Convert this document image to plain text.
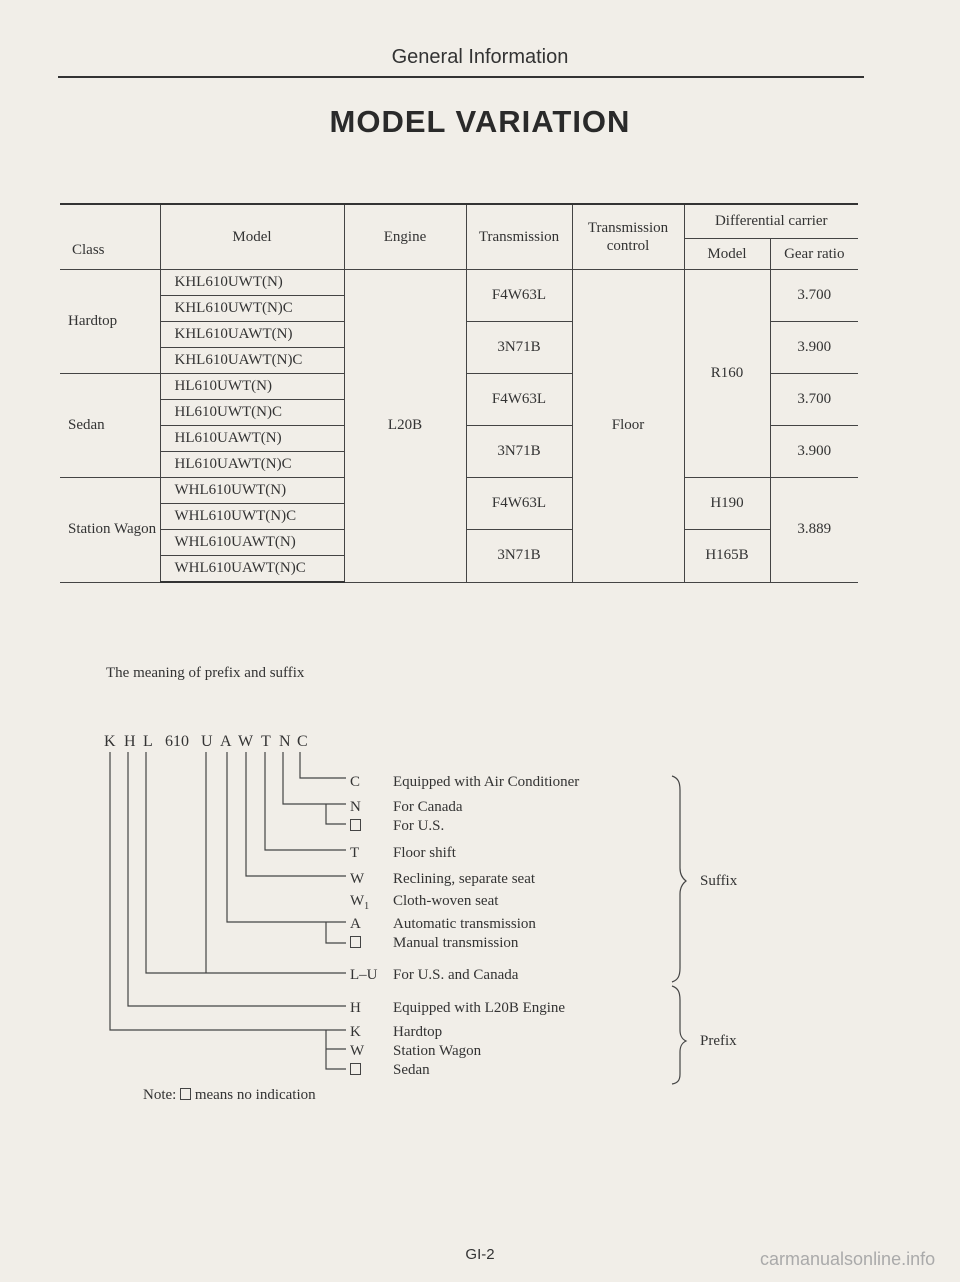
General Information
MODEL VARIATION
Class	Model	Engine	Transmission	Transmission control	Differential carrier	
					Model	Gear ratio
Hardtop	KHL610UWT(N)	L20B	F4W63L	Floor	R160	3.700
	KHL610UWT(N)C					
	KHL610UAWT(N)		3N71B			3.900
	KHL610UAWT(N)C					
Sedan	HL610UWT(N)		F4W63L			3.700
	HL610UWT(N)C					
	HL610UAWT(N)		3N71B			3.900
	HL610UAWT(N)C					
Station Wagon	WHL610UWT(N)		F4W63L		H190	3.889
	WHL610UWT(N)C					
	WHL610UAWT(N)		3N71B		H165B	
	WHL610UAWT(N)C					
The meaning of prefix and suffix
K H L 610 U A W T N C
C	Equipped with Air Conditioner
N	For Canada
For U.S.
T	Floor shift
W	Reclining, separate seat
$W_1$	Cloth-woven seat
A	Automatic transmission
Manual transmission
L–U	For U.S. and Canada
H	Equipped with L20B Engine
K	Hardtop
W	Station Wagon
Sedan
Suffix
Prefix
Note: means no indication
GI-2	carmanualsonline.info
